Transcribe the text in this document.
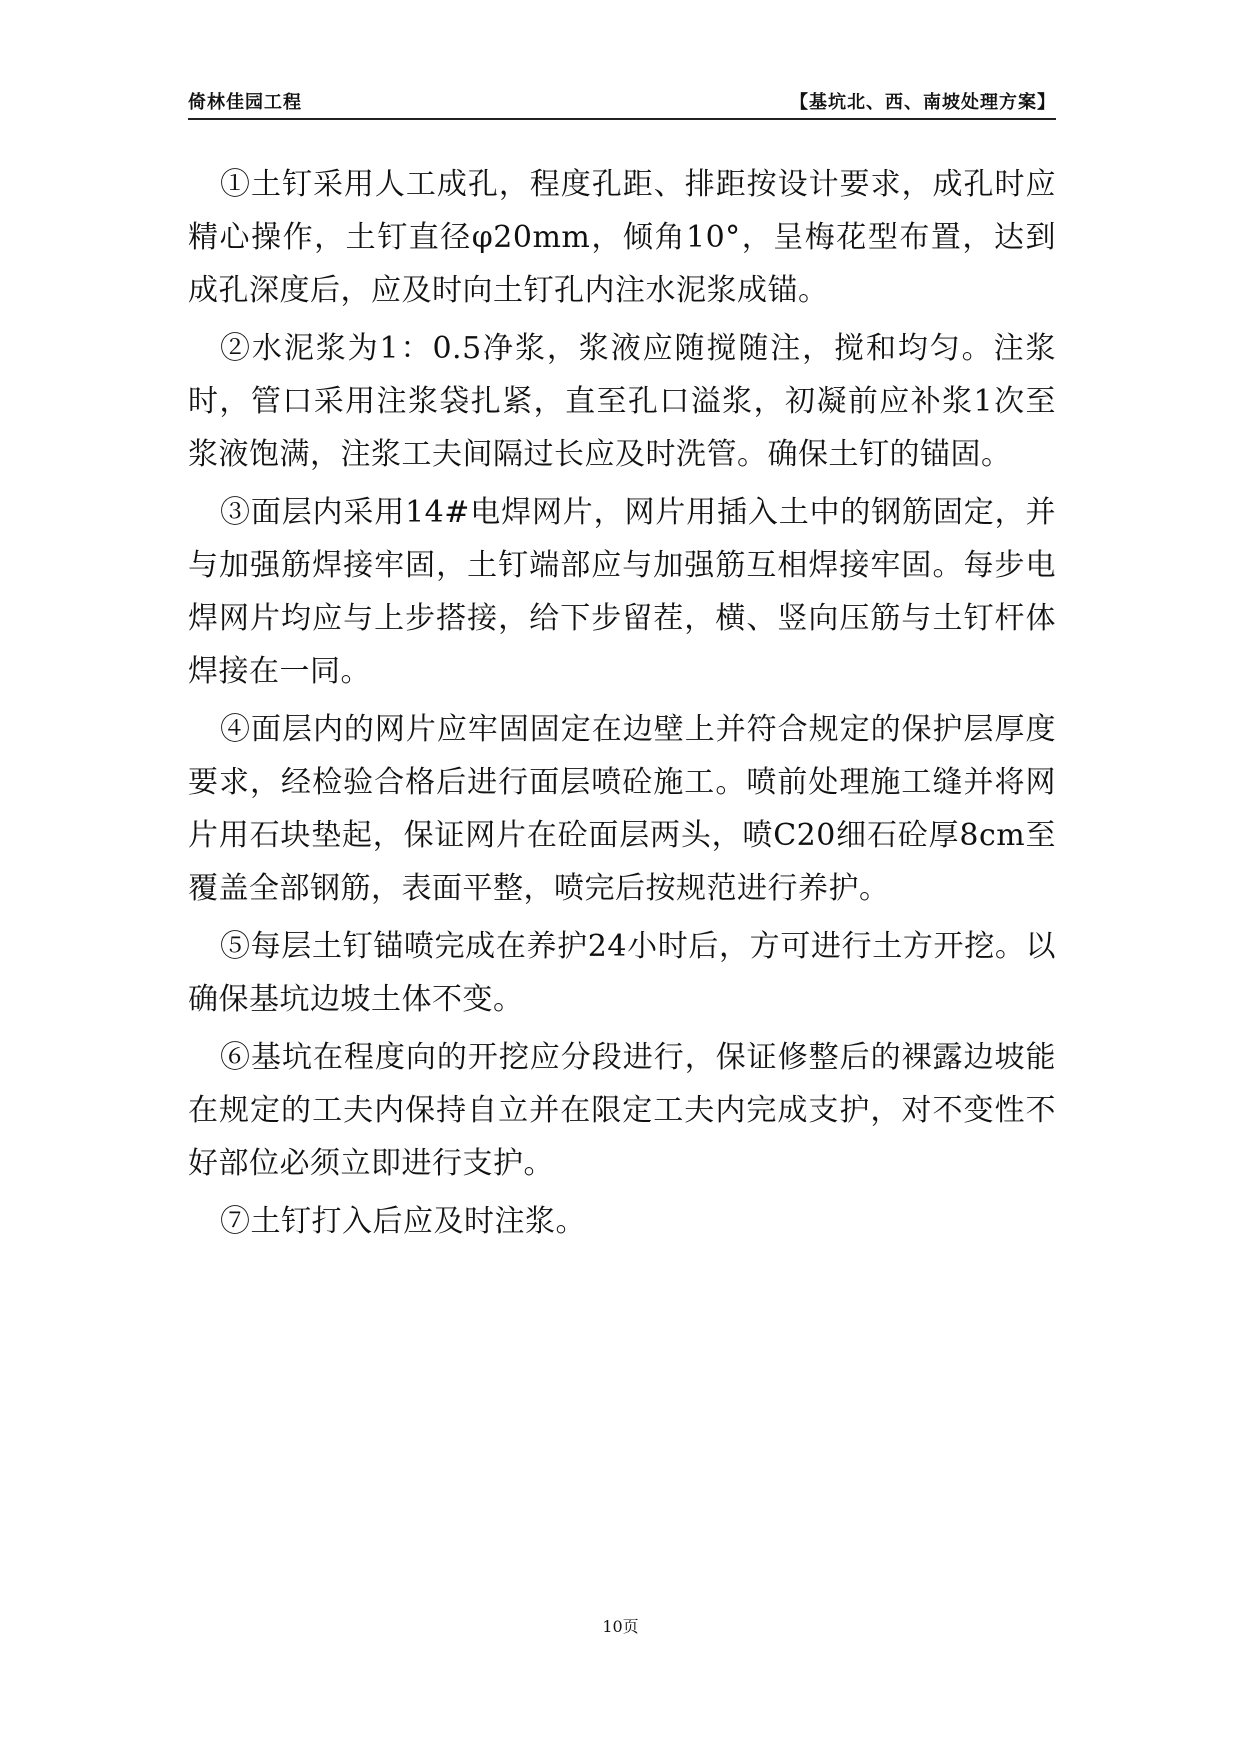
倚林佳园工程	【基坑北、西、南坡处理方案】

①土钉采用人工成孔，程度孔距、排距按设计要求，成孔时应精心操作，土钉直径φ20mm，倾角10°，呈梅花型布置，达到成孔深度后，应及时向土钉孔内注水泥浆成锚。

②水泥浆为1：0.5净浆，浆液应随搅随注，搅和均匀。注浆时，管口采用注浆袋扎紧，直至孔口溢浆，初凝前应补浆1次至浆液饱满，注浆工夫间隔过长应及时洗管。确保土钉的锚固。

③面层内采用14#电焊网片，网片用插入土中的钢筋固定，并与加强筋焊接牢固，土钉端部应与加强筋互相焊接牢固。每步电焊网片均应与上步搭接，给下步留茬，横、竖向压筋与土钉杆体焊接在一同。

④面层内的网片应牢固固定在边壁上并符合规定的保护层厚度要求，经检验合格后进行面层喷砼施工。喷前处理施工缝并将网片用石块垫起，保证网片在砼面层两头，喷C20细石砼厚8cm至覆盖全部钢筋，表面平整，喷完后按规范进行养护。

⑤每层土钉锚喷完成在养护24小时后，方可进行土方开挖。以确保基坑边坡土体不变。

⑥基坑在程度向的开挖应分段进行，保证修整后的裸露边坡能在规定的工夫内保持自立并在限定工夫内完成支护，对不变性不好部位必须立即进行支护。

⑦土钉打入后应及时注浆。

10页
